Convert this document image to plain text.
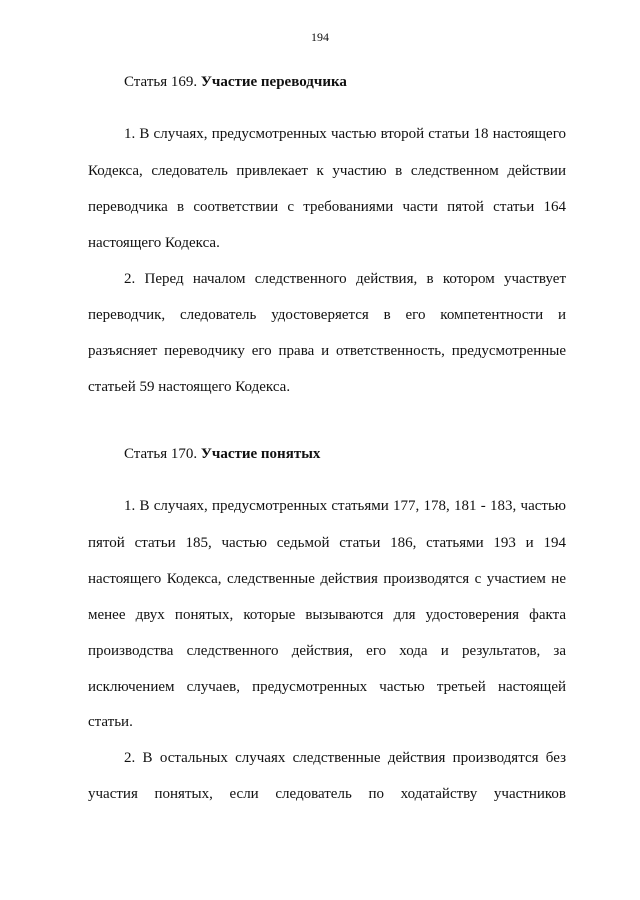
194
Статья 169. Участие переводчика
1. В случаях, предусмотренных частью второй статьи 18 настоящего
Кодекса, следователь привлекает к участию в следственном действии
переводчика в соответствии с требованиями части пятой статьи 164
настоящего Кодекса.
2. Перед началом следственного действия, в котором участвует
переводчик, следователь удостоверяется в его компетентности и
разъясняет переводчику его права и ответственность, предусмотренные
статьей 59 настоящего Кодекса.
Статья 170. Участие понятых
1. В случаях, предусмотренных статьями 177, 178, 181 - 183, частью
пятой статьи 185, частью седьмой статьи 186, статьями 193 и 194
настоящего Кодекса, следственные действия производятся с участием не
менее двух понятых, которые вызываются для удостоверения факта
производства следственного действия, его хода и результатов, за
исключением случаев, предусмотренных частью третьей настоящей
статьи.
2. В остальных случаях следственные действия производятся без
участия понятых, если следователь по ходатайству участников
